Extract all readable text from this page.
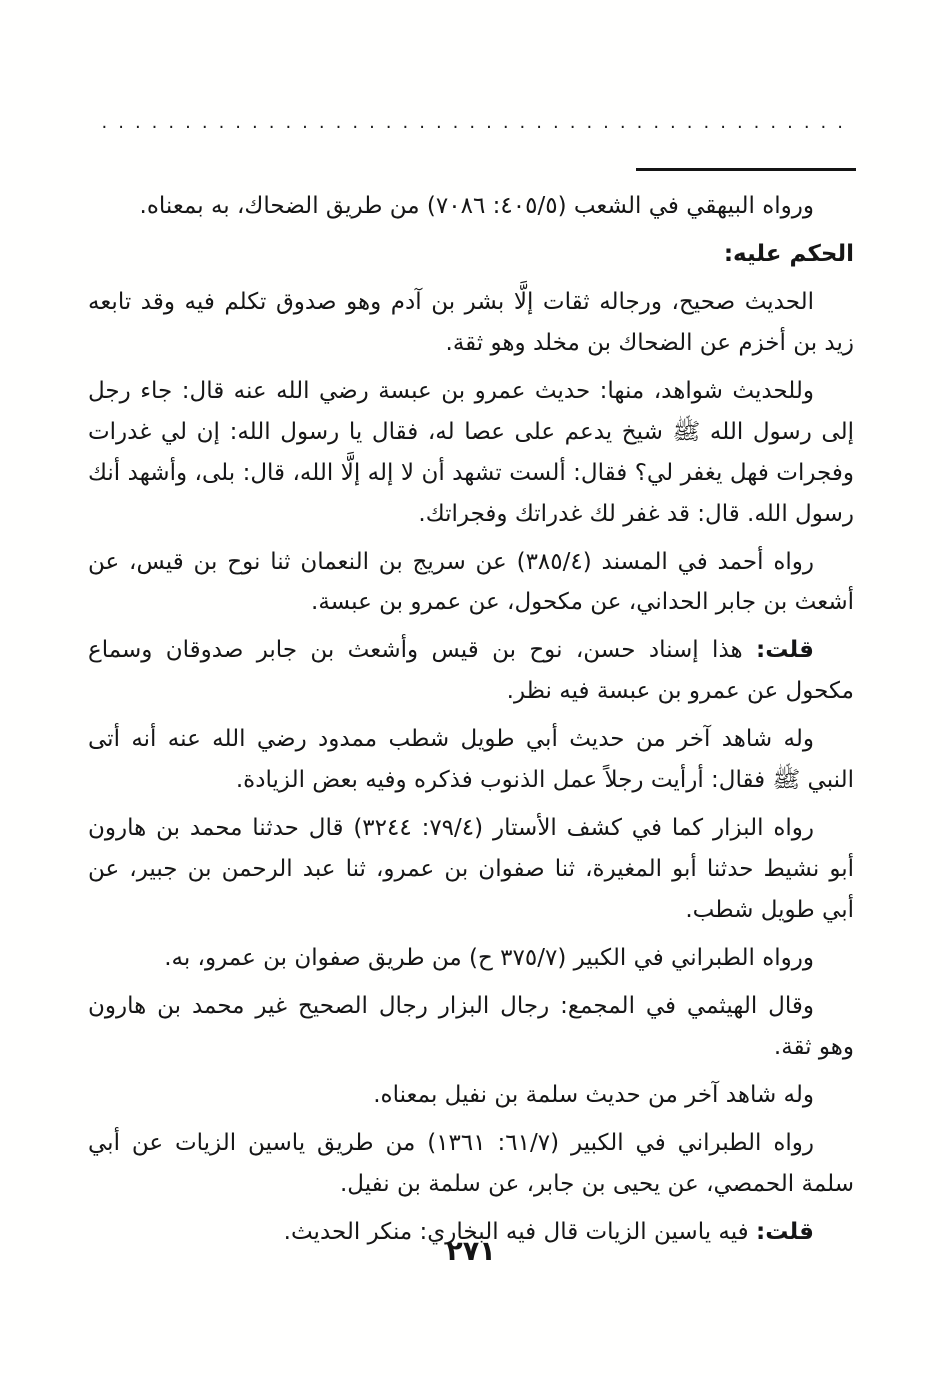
.............................................

ورواه البيهقي في الشعب (٥‏/‏٤٠٥: ٧٠٨٦) من طريق الضحاك، به بمعناه.

الحكم عليه:

الحديث صحيح، ورجاله ثقات إلَّا بشر بن آدم وهو صدوق تكلم فيه وقد تابعه زيد بن أخزم عن الضحاك بن مخلد وهو ثقة.

وللحديث شواهد، منها: حديث عمرو بن عبسة رضي الله عنه قال: جاء رجل إلى رسول الله ﷺ شيخ يدعم على عصا له، فقال يا رسول الله: إن لي غدرات وفجرات فهل يغفر لي؟ فقال: ألست تشهد أن لا إله إلَّا الله، قال: بلى، وأشهد أنك رسول الله. قال: قد غفر لك غدراتك وفجراتك.

رواه أحمد في المسند (٤‏/‏٣٨٥) عن سريج بن النعمان ثنا نوح بن قيس، عن أشعث بن جابر الحداني، عن مكحول، عن عمرو بن عبسة.

قلت: هذا إسناد حسن، نوح بن قيس وأشعث بن جابر صدوقان وسماع مكحول عن عمرو بن عبسة فيه نظر.

وله شاهد آخر من حديث أبي طويل شطب ممدود رضي الله عنه أنه أتى النبي ﷺ فقال: أرأيت رجلاً عمل الذنوب فذكره وفيه بعض الزيادة.

رواه البزار كما في كشف الأستار (٤‏/‏٧٩: ٣٢٤٤) قال حدثنا محمد بن هارون أبو نشيط حدثنا أبو المغيرة، ثنا صفوان بن عمرو، ثنا عبد الرحمن بن جبير، عن أبي طويل شطب.

ورواه الطبراني في الكبير (٧‏/‏٣٧٥ ح) من طريق صفوان بن عمرو، به.

وقال الهيثمي في المجمع: رجال البزار رجال الصحيح غير محمد بن هارون وهو ثقة.

وله شاهد آخر من حديث سلمة بن نفيل بمعناه.

رواه الطبراني في الكبير (٧‏/‏٦١: ١٣٦١) من طريق ياسين الزيات عن أبي سلمة الحمصي، عن يحيى بن جابر، عن سلمة بن نفيل.

قلت: فيه ياسين الزيات قال فيه البخاري: منكر الحديث.

٢٧١
